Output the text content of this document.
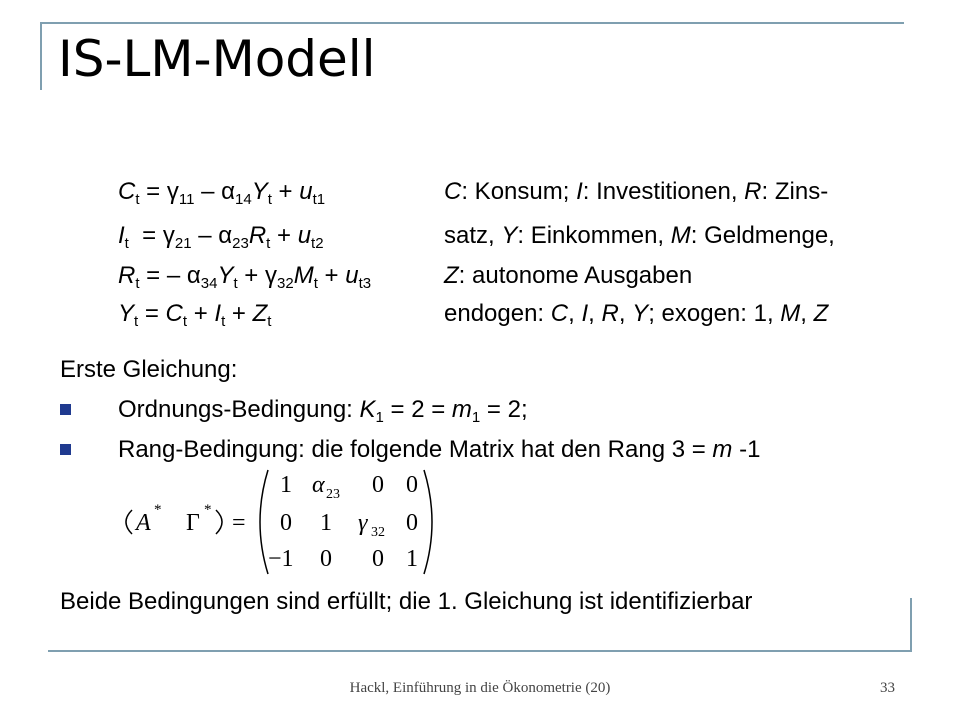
IS-LM-Modell
$C_t = \gamma_{11} - \alpha_{14}Y_t + u_{t1}$
$I_t = \gamma_{21} - \alpha_{23}R_t + u_{t2}$
$R_t$ = – $\alpha_{34}Y_t + \gamma_{32}M_t + u_{t3}$
$Y_t = C_t + I_t + Z_t$
C: Konsum; I: Investitionen, R: Zins-
satz, Y: Einkommen, M: Geldmenge,
Z: autonome Ausgaben
endogen: C, I, R, Y; exogen: 1, M, Z
Erste Gleichung:
Ordnungs-Bedingung: $K_1 = 2 = m_1 = 2$;
Rang-Bedingung: die folgende Matrix hat den Rang 3 = m -1
A * Γ * =
1 α 23 0 0
0 1 γ 32 0
−1 0 0 1
Beide Bedingungen sind erfüllt; die 1. Gleichung ist identifizierbar
Hackl, Einführung in die Ökonometrie (20)	33
